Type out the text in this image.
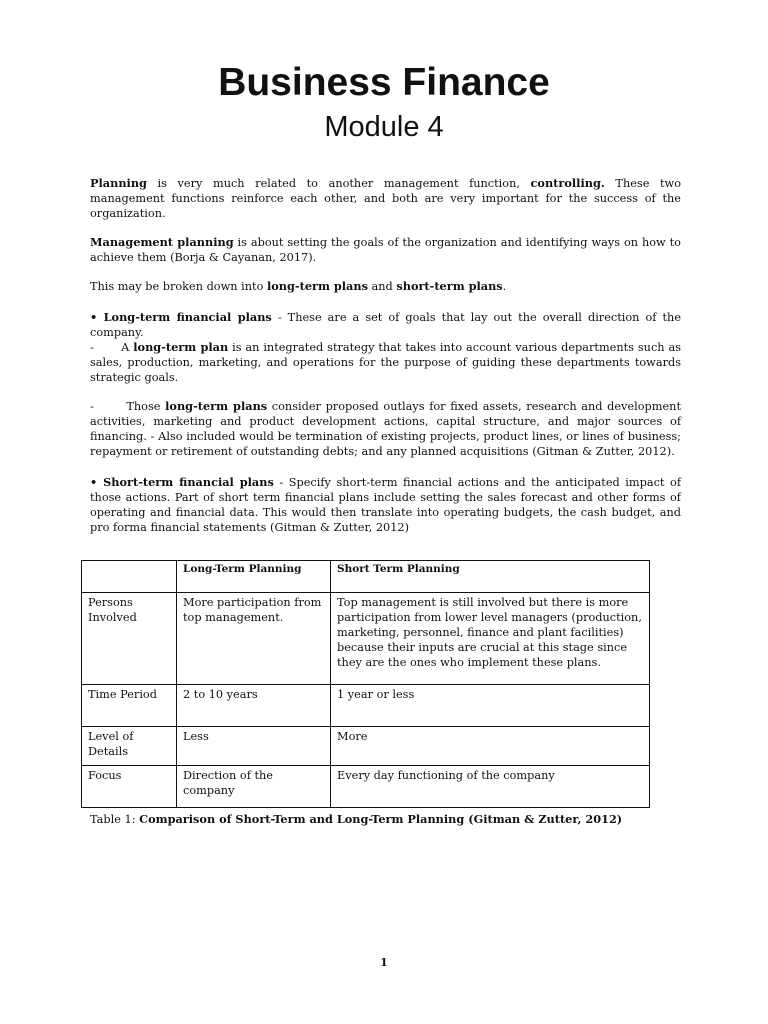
Business Finance
Module 4

Planning is very much related to another management function, controlling. These two management functions reinforce each other, and both are very important for the success of the organization.

Management planning is about setting the goals of the organization and identifying ways on how to achieve them (Borja & Cayanan, 2017).

This may be broken down into long-term plans and short-term plans.

• Long-term financial plans - These are a set of goals that lay out the overall direction of the company.

-       A long-term plan is an integrated strategy that takes into account various departments such as sales, production, marketing, and operations for the purpose of guiding these departments towards strategic goals.

-       Those long-term plans consider proposed outlays for fixed assets, research and development activities, marketing and product development actions, capital structure, and major sources of financing. - Also included would be termination of existing projects, product lines, or lines of business; repayment or retirement of outstanding debts; and any planned acquisitions (Gitman & Zutter, 2012).

• Short-term financial plans - Specify short-term financial actions and the anticipated impact of those actions. Part of short term financial plans include setting the sales forecast and other forms of operating and financial data. This would then translate into operating budgets, the cash budget, and pro forma financial statements (Gitman & Zutter, 2012)

	Long-Term Planning	Short Term Planning
Persons Involved	More participation from top management.	Top management is still involved but there is more participation from lower level managers (production, marketing, personnel, finance and plant facilities) because their inputs are crucial at this stage since they are the ones who implement these plans.
Time Period	2 to 10 years	1 year or less
Level of Details	Less	More
Focus	Direction of the company	Every day functioning of the company
Table 1: Comparison of Short-Term and Long-Term Planning (Gitman & Zutter, 2012)
1
